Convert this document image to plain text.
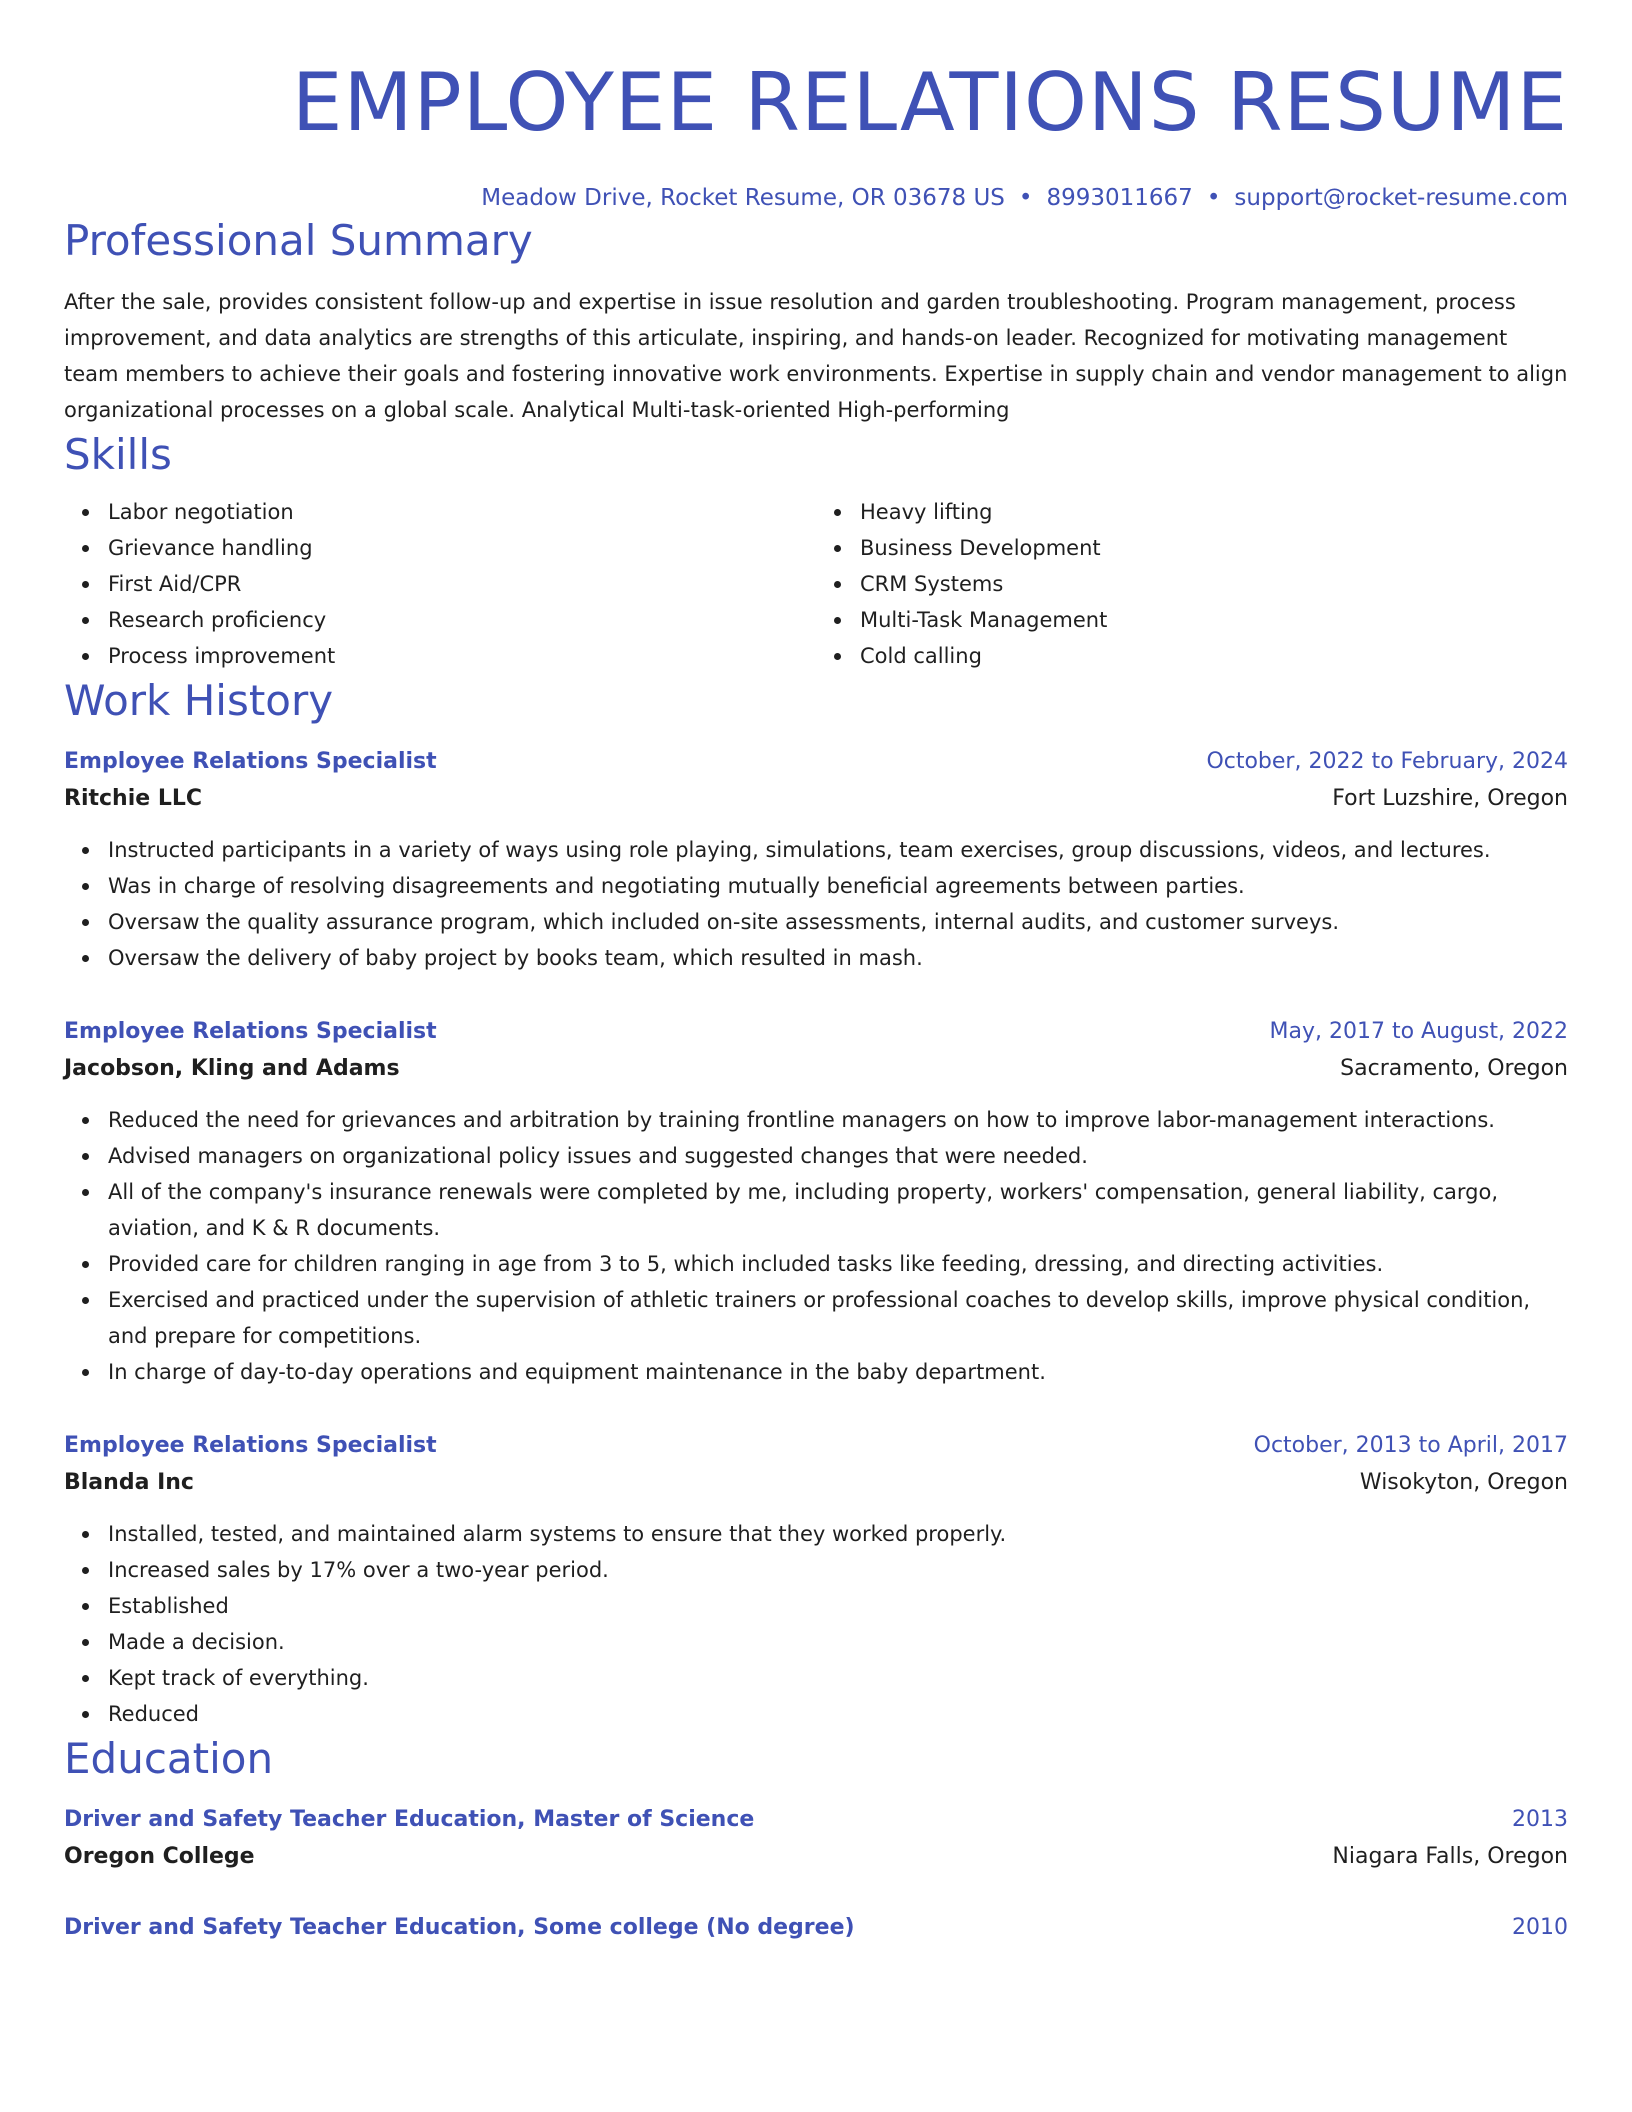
EMPLOYEE RELATIONS RESUME
Meadow Drive, Rocket Resume, OR 03678 US • 8993011667 • support@rocket-resume.com
Professional Summary
After the sale, provides consistent follow-up and expertise in issue resolution and garden troubleshooting. Program management, process improvement, and data analytics are strengths of this articulate, inspiring, and hands-on leader. Recognized for motivating management team members to achieve their goals and fostering innovative work environments. Expertise in supply chain and vendor management to align organizational processes on a global scale. Analytical Multi-task-oriented High-performing
Skills
Labor negotiation
Grievance handling
First Aid/CPR
Research proficiency
Process improvement
Heavy lifting
Business Development
CRM Systems
Multi-Task Management
Cold calling
Work History
Employee Relations Specialist	October, 2022 to February, 2024
Ritchie LLC	Fort Luzshire, Oregon
Instructed participants in a variety of ways using role playing, simulations, team exercises, group discussions, videos, and lectures.
Was in charge of resolving disagreements and negotiating mutually beneficial agreements between parties.
Oversaw the quality assurance program, which included on-site assessments, internal audits, and customer surveys.
Oversaw the delivery of baby project by books team, which resulted in mash.
Employee Relations Specialist	May, 2017 to August, 2022
Jacobson, Kling and Adams	Sacramento, Oregon
Reduced the need for grievances and arbitration by training frontline managers on how to improve labor-management interactions.
Advised managers on organizational policy issues and suggested changes that were needed.
All of the company's insurance renewals were completed by me, including property, workers' compensation, general liability, cargo, aviation, and K & R documents.
Provided care for children ranging in age from 3 to 5, which included tasks like feeding, dressing, and directing activities.
Exercised and practiced under the supervision of athletic trainers or professional coaches to develop skills, improve physical condition, and prepare for competitions.
In charge of day-to-day operations and equipment maintenance in the baby department.
Employee Relations Specialist	October, 2013 to April, 2017
Blanda Inc	Wisokyton, Oregon
Installed, tested, and maintained alarm systems to ensure that they worked properly.
Increased sales by 17% over a two-year period.
Established
Made a decision.
Kept track of everything.
Reduced
Education
Driver and Safety Teacher Education, Master of Science	2013
Oregon College	Niagara Falls, Oregon
Driver and Safety Teacher Education, Some college (No degree)	2010
